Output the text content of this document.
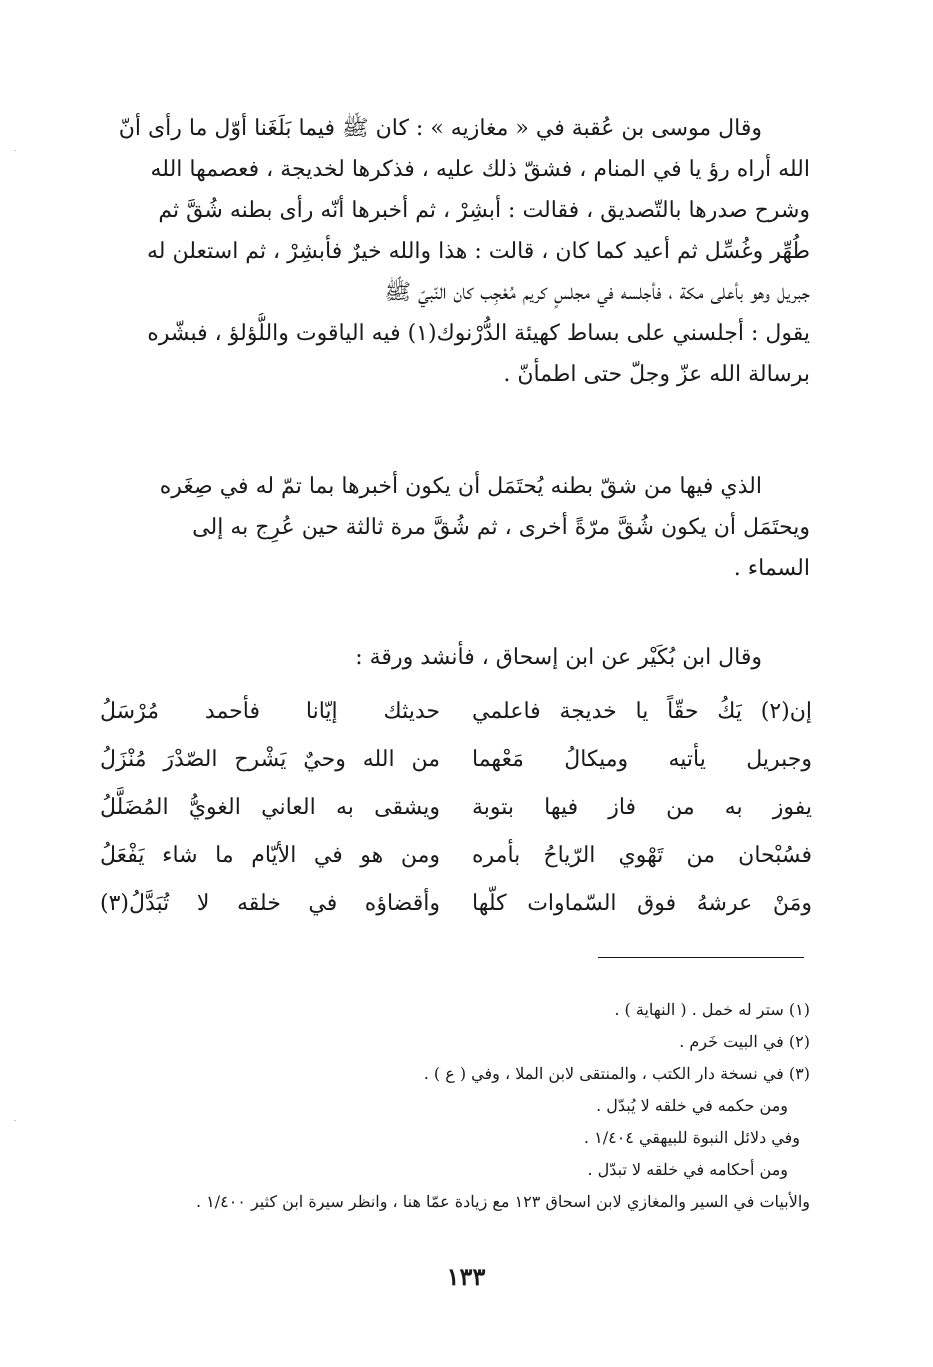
وقال موسى بن عُقبة في « مغازيه » : كان ﷺ فيما بَلَغَنا أوّل ما رأى أنّ
الله أراه رؤ يا في المنام ، فشقّ ذلك عليه ، فذكرها لخديجة ، فعصمها الله
وشرح صدرها بالتّصديق ، فقالت : أبشِرْ ، ثم أخبرها أنّه رأى بطنه شُقَّ ثم
طُهِّر وغُسِّل ثم أعيد كما كان ، قالت : هذا والله خيرٌ فأبشِرْ ، ثم استعلن له
جبريل وهو بأعلى مكة ، فأجلسه في مجلسٍ كريم مُعْجِب كان النّبيّ ﷺ
يقول : أجلسني على بساط كهيئة الدُّرْنوك(١) فيه الياقوت واللُّؤلؤ ، فبشّره
برسالة الله عزّ وجلّ حتى اطمأنّ .
الذي فيها من شقّ بطنه يُحتَمَل أن يكون أخبرها بما تمّ له في صِغَره
ويحتَمَل أن يكون شُقَّ مرّةً أخرى ، ثم شُقَّ مرة ثالثة حين عُرِج به إلى
السماء .
وقال ابن بُكَيْر عن ابن إسحاق ، فأنشد ورقة :
إن(٢) يَكُ حقّاً يا خديجة فاعلمي
حديثك إيّانا فأحمد مُرْسَلُ
وجبريل يأتيه وميكالُ مَعْهما
من الله وحيٌ يَشْرح الصّدْرَ مُنْزَلُ
يفوز به من فاز فيها بتوبة
ويشقى به العاني الغويُّ المُضَلَّلُ
فسُبْحان من تَهْوي الرّياحُ بأمره
ومن هو في الأيّام ما شاء يَفْعَلُ
ومَنْ عرشهُ فوق السّماوات كلّها
وأقضاؤه في خلقه لا تُبَدَّلُ(٣)
(١) ستر له خمل . ( النهاية ) .
(٢) في البيت خَرم .
(٣) في نسخة دار الكتب ، والمنتقى لابن الملا ، وفي ( ع ) .
ومن حكمه في خلقه لا يُبدّل .
وفي دلائل النبوة للبيهقي ١/٤٠٤ .
ومن أحكامه في خلقه لا تبدّل .
والأبيات في السير والمغازي لابن اسحاق ١٢٣ مع زيادة عمّا هنا ، وانظر سيرة ابن كثير ١/٤٠٠ .
١٣٣
